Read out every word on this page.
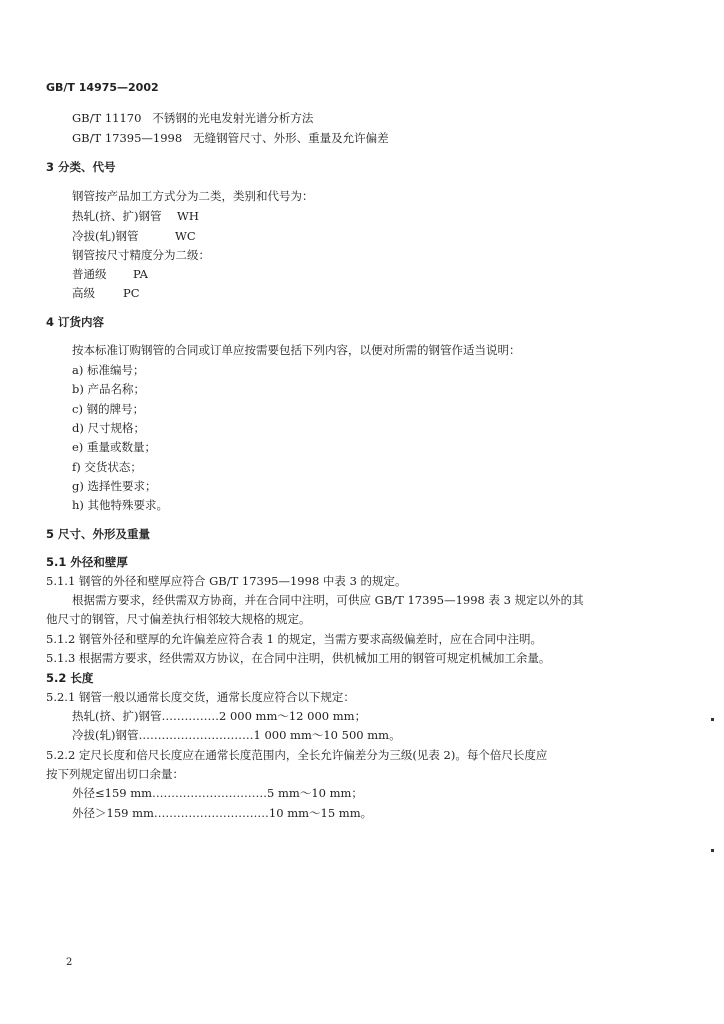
GB/T 14975—2002
GB/T 11170 不锈钢的光电发射光谱分析方法
GB/T 17395—1998 无缝钢管尺寸、外形、重量及允许偏差
3 分类、代号
钢管按产品加工方式分为二类，类别和代号为：
热轧(挤、扩)钢管 WH
冷拔(轧)钢管	WC
钢管按尺寸精度分为二级：
普通级 PA
高级 PC
4 订货内容
按本标准订购钢管的合同或订单应按需要包括下列内容，以便对所需的钢管作适当说明：
a) 标准编号；
b) 产品名称；
c) 钢的牌号；
d) 尺寸规格；
e) 重量或数量；
f) 交货状态；
g) 选择性要求；
h) 其他特殊要求。
5 尺寸、外形及重量
5.1 外径和壁厚
5.1.1 钢管的外径和壁厚应符合 GB/T 17395—1998 中表 3 的规定。
根据需方要求，经供需双方协商，并在合同中注明，可供应 GB/T 17395—1998 表 3 规定以外的其
他尺寸的钢管，尺寸偏差执行相邻较大规格的规定。
5.1.2 钢管外径和壁厚的允许偏差应符合表 1 的规定，当需方要求高级偏差时，应在合同中注明。
5.1.3 根据需方要求，经供需双方协议，在合同中注明，供机械加工用的钢管可规定机械加工余量。
5.2 长度
5.2.1 钢管一般以通常长度交货，通常长度应符合以下规定：
热轧(挤、扩)钢管……………2 000 mm～12 000 mm；
冷拔(轧)钢管…………………………1 000 mm～10 500 mm。
5.2.2 定尺长度和倍尺长度应在通常长度范围内，全长允许偏差分为三级(见表 2)。每个倍尺长度应
按下列规定留出切口余量：
外径≤159 mm…………………………5 mm～10 mm；
外径＞159 mm…………………………10 mm～15 mm。
2
